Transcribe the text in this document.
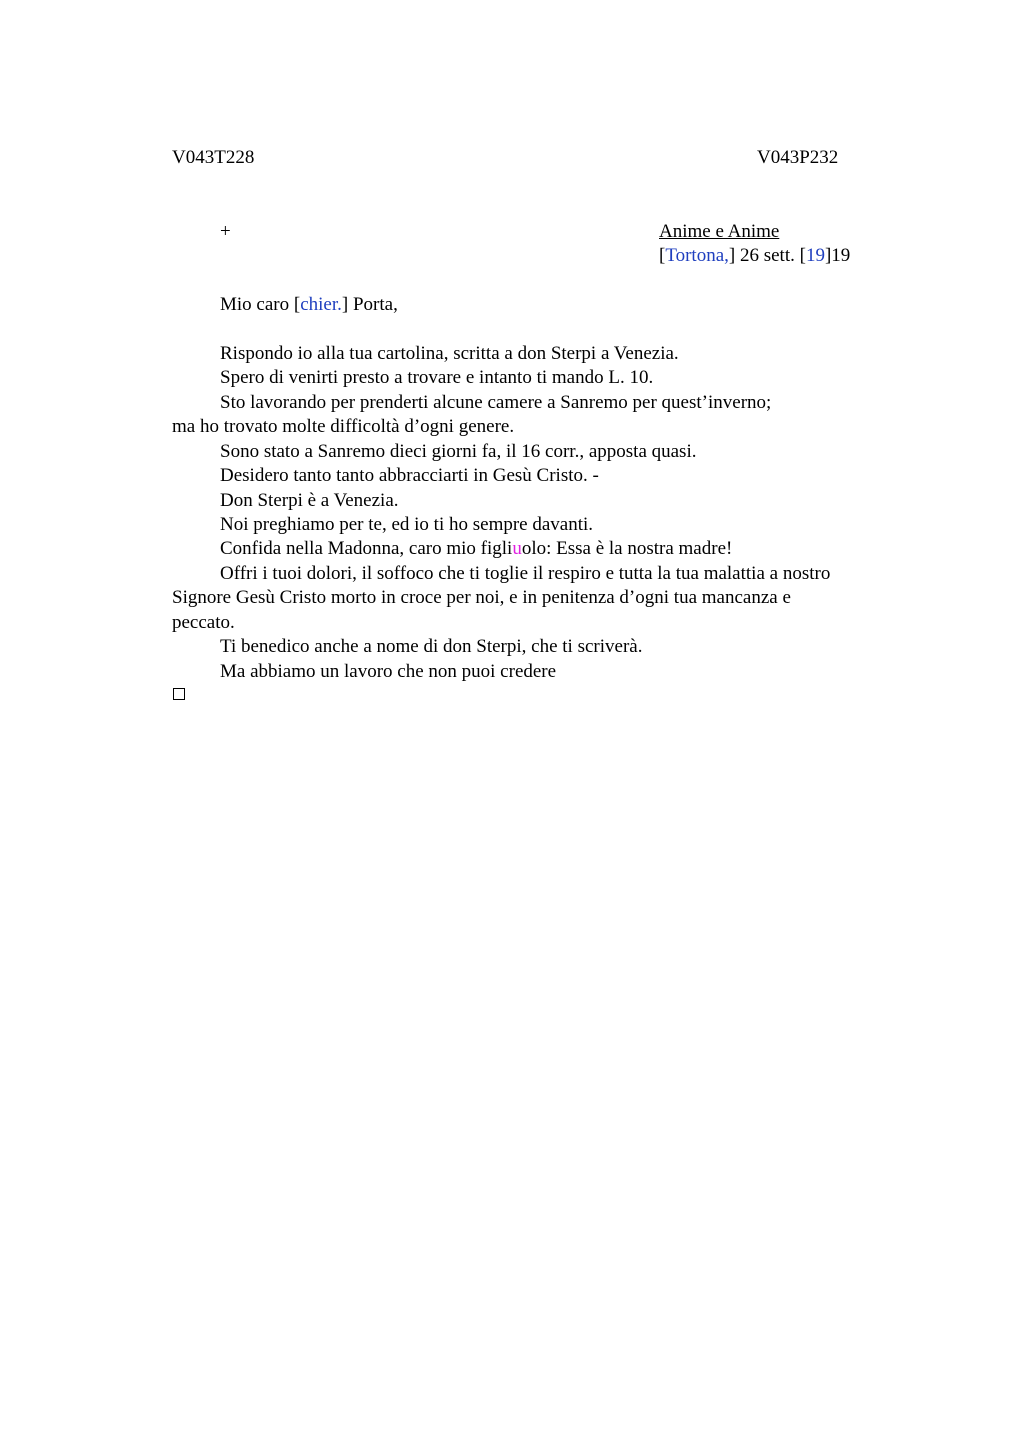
V043T228	V043P232
+	Anime e Anime
[Tortona,] 26 sett. [19]19
Mio caro [chier.] Porta,
Rispondo io alla tua cartolina, scritta a don Sterpi a Venezia.
Spero di venirti presto a trovare e intanto ti mando L. 10.
Sto lavorando per prenderti alcune camere a Sanremo per quest’inverno;
ma ho trovato molte difficoltà d’ogni genere.
Sono stato a Sanremo dieci giorni fa, il 16 corr., apposta quasi.
Desidero tanto tanto abbracciarti in Gesù Cristo. -
Don Sterpi è a Venezia.
Noi preghiamo per te, ed io ti ho sempre davanti.
Confida nella Madonna, caro mio figliuolo: Essa è la nostra madre!
Offri i tuoi dolori, il soffoco che ti toglie il respiro e tutta la tua malattia a nostro
Signore Gesù Cristo morto in croce per noi, e in penitenza d’ogni tua mancanza e
peccato.
Ti benedico anche a nome di don Sterpi, che ti scriverà.
Ma abbiamo un lavoro che non puoi credere
